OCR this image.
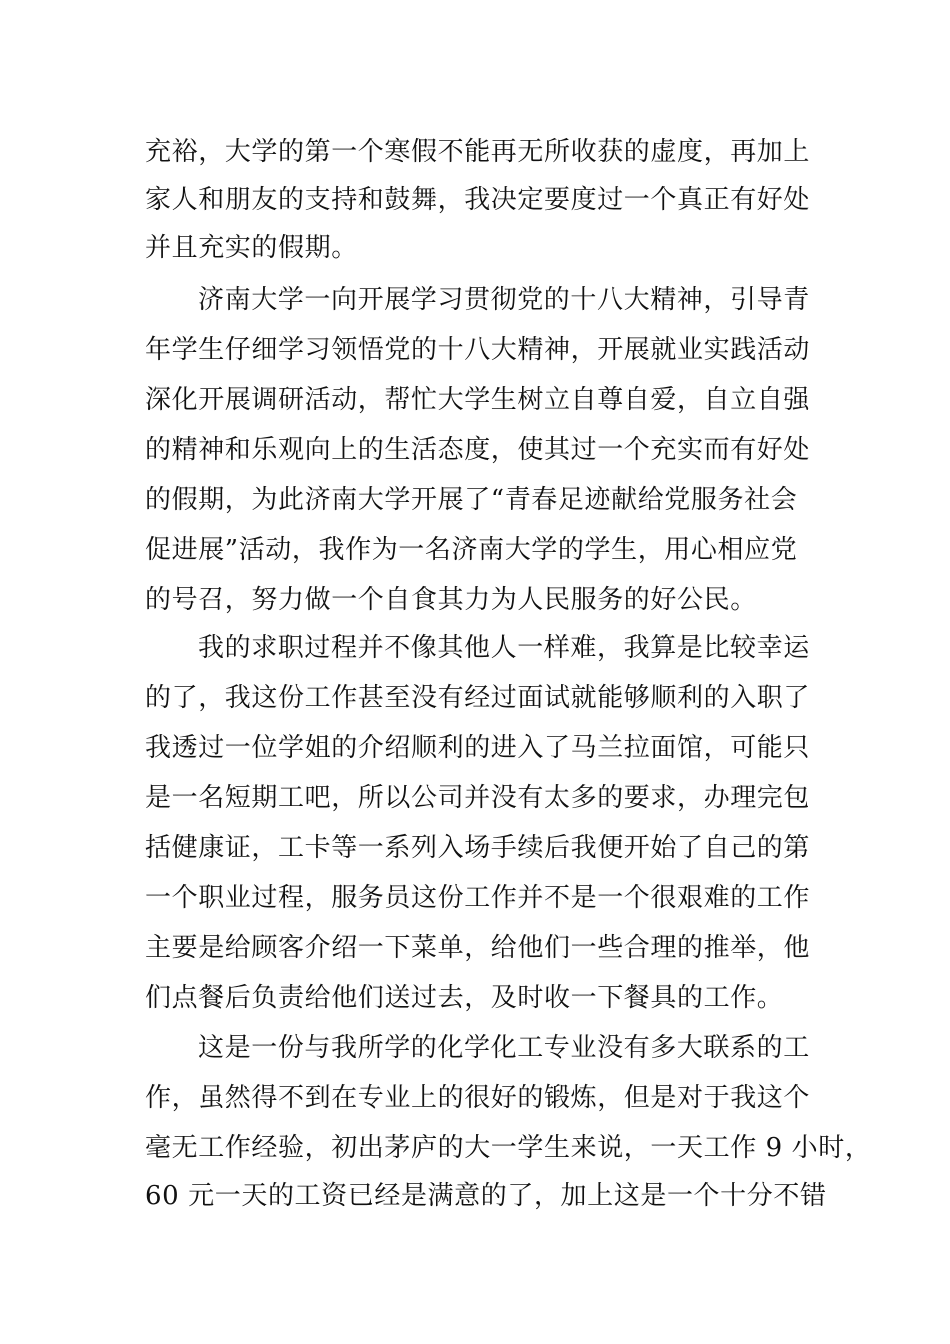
充裕，大学的第一个寒假不能再无所收获的虚度，再加上
家人和朋友的支持和鼓舞，我决定要度过一个真正有好处
并且充实的假期。
济南大学一向开展学习贯彻党的十八大精神，引导青
年学生仔细学习领悟党的十八大精神，开展就业实践活动
深化开展调研活动，帮忙大学生树立自尊自爱，自立自强
的精神和乐观向上的生活态度，使其过一个充实而有好处
的假期，为此济南大学开展了“青春足迹献给党服务社会
促进展”活动，我作为一名济南大学的学生，用心相应党
的号召，努力做一个自食其力为人民服务的好公民。
我的求职过程并不像其他人一样难，我算是比较幸运
的了，我这份工作甚至没有经过面试就能够顺利的入职了
我透过一位学姐的介绍顺利的进入了马兰拉面馆，可能只
是一名短期工吧，所以公司并没有太多的要求，办理完包
括健康证，工卡等一系列入场手续后我便开始了自己的第
一个职业过程，服务员这份工作并不是一个很艰难的工作
主要是给顾客介绍一下菜单，给他们一些合理的推举，他
们点餐后负责给他们送过去，及时收一下餐具的工作。
这是一份与我所学的化学化工专业没有多大联系的工
作，虽然得不到在专业上的很好的锻炼，但是对于我这个
毫无工作经验，初出茅庐的大一学生来说，一天工作 9 小时，
60 元一天的工资已经是满意的了，加上这是一个十分不错
